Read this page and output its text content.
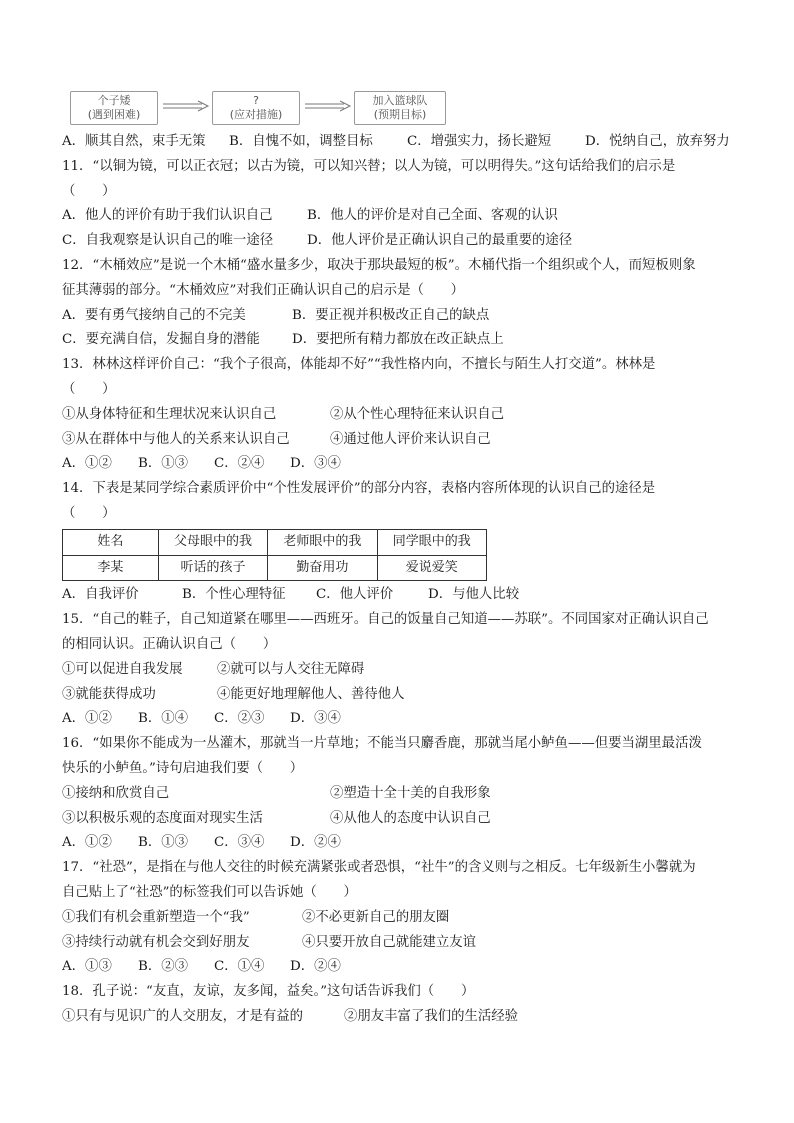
个子矮
(遇到困难)
?
(应对措施)
加入篮球队
(预期目标)
A．顺其自然，束手无策	B．自愧不如，调整目标	C．增强实力，扬长避短	D．悦纳自己，放弃努力
11．“以铜为镜，可以正衣冠；以古为镜，可以知兴替；以人为镜，可以明得失。”这句话给我们的启示是
（　　）
A．他人的评价有助于我们认识自己	B．他人的评价是对自己全面、客观的认识
C．自我观察是认识自己的唯一途径	D．他人评价是正确认识自己的最重要的途径
12．“木桶效应”是说一个木桶“盛水量多少，取决于那块最短的板”。木桶代指一个组织或个人，而短板则象
征其薄弱的部分。“木桶效应”对我们正确认识自己的启示是（　　）
A．要有勇气接纳自己的不完美	B．要正视并积极改正自己的缺点
C．要充满自信，发掘自身的潜能	D．要把所有精力都放在改正缺点上
13．林林这样评价自己：“我个子很高，体能却不好”“我性格内向，不擅长与陌生人打交道”。林林是
（　　）
①从身体特征和生理状况来认识自己	②从个性心理特征来认识自己
③从在群体中与他人的关系来认识自己	④通过他人评价来认识自己
A．①②	B．①③	C．②④	D．③④
14．下表是某同学综合素质评价中“个性发展评价”的部分内容，表格内容所体现的认识自己的途径是
（　　）
姓名	父母眼中的我	老师眼中的我	同学眼中的我
李某	听话的孩子	勤奋用功	爱说爱笑
A．自我评价	B．个性心理特征	C．他人评价	D．与他人比较
15．“自己的鞋子，自己知道紧在哪里——西班牙。自己的饭量自己知道——苏联”。不同国家对正确认识自己
的相同认识。正确认识自己（　　）
①可以促进自我发展	②就可以与人交往无障碍
③就能获得成功	④能更好地理解他人、善待他人
A．①②	B．①④	C．②③	D．③④
16．“如果你不能成为一丛灌木，那就当一片草地；不能当只麝香鹿，那就当尾小鲈鱼——但要当湖里最活泼
快乐的小鲈鱼。”诗句启迪我们要（　　）
①接纳和欣赏自己	②塑造十全十美的自我形象
③以积极乐观的态度面对现实生活	④从他人的态度中认识自己
A．①②	B．①③	C．③④	D．②④
17．“社恐”，是指在与他人交往的时候充满紧张或者恐惧，“社牛”的含义则与之相反。七年级新生小馨就为
自己贴上了“社恐”的标签我们可以告诉她（　　）
①我们有机会重新塑造一个“我”	②不必更新自己的朋友圈
③持续行动就有机会交到好朋友	④只要开放自己就能建立友谊
A．①③	B．②③	C．①④	D．②④
18．孔子说：“友直，友谅，友多闻，益矣。”这句话告诉我们（　　）
①只有与见识广的人交朋友，才是有益的	②朋友丰富了我们的生活经验
